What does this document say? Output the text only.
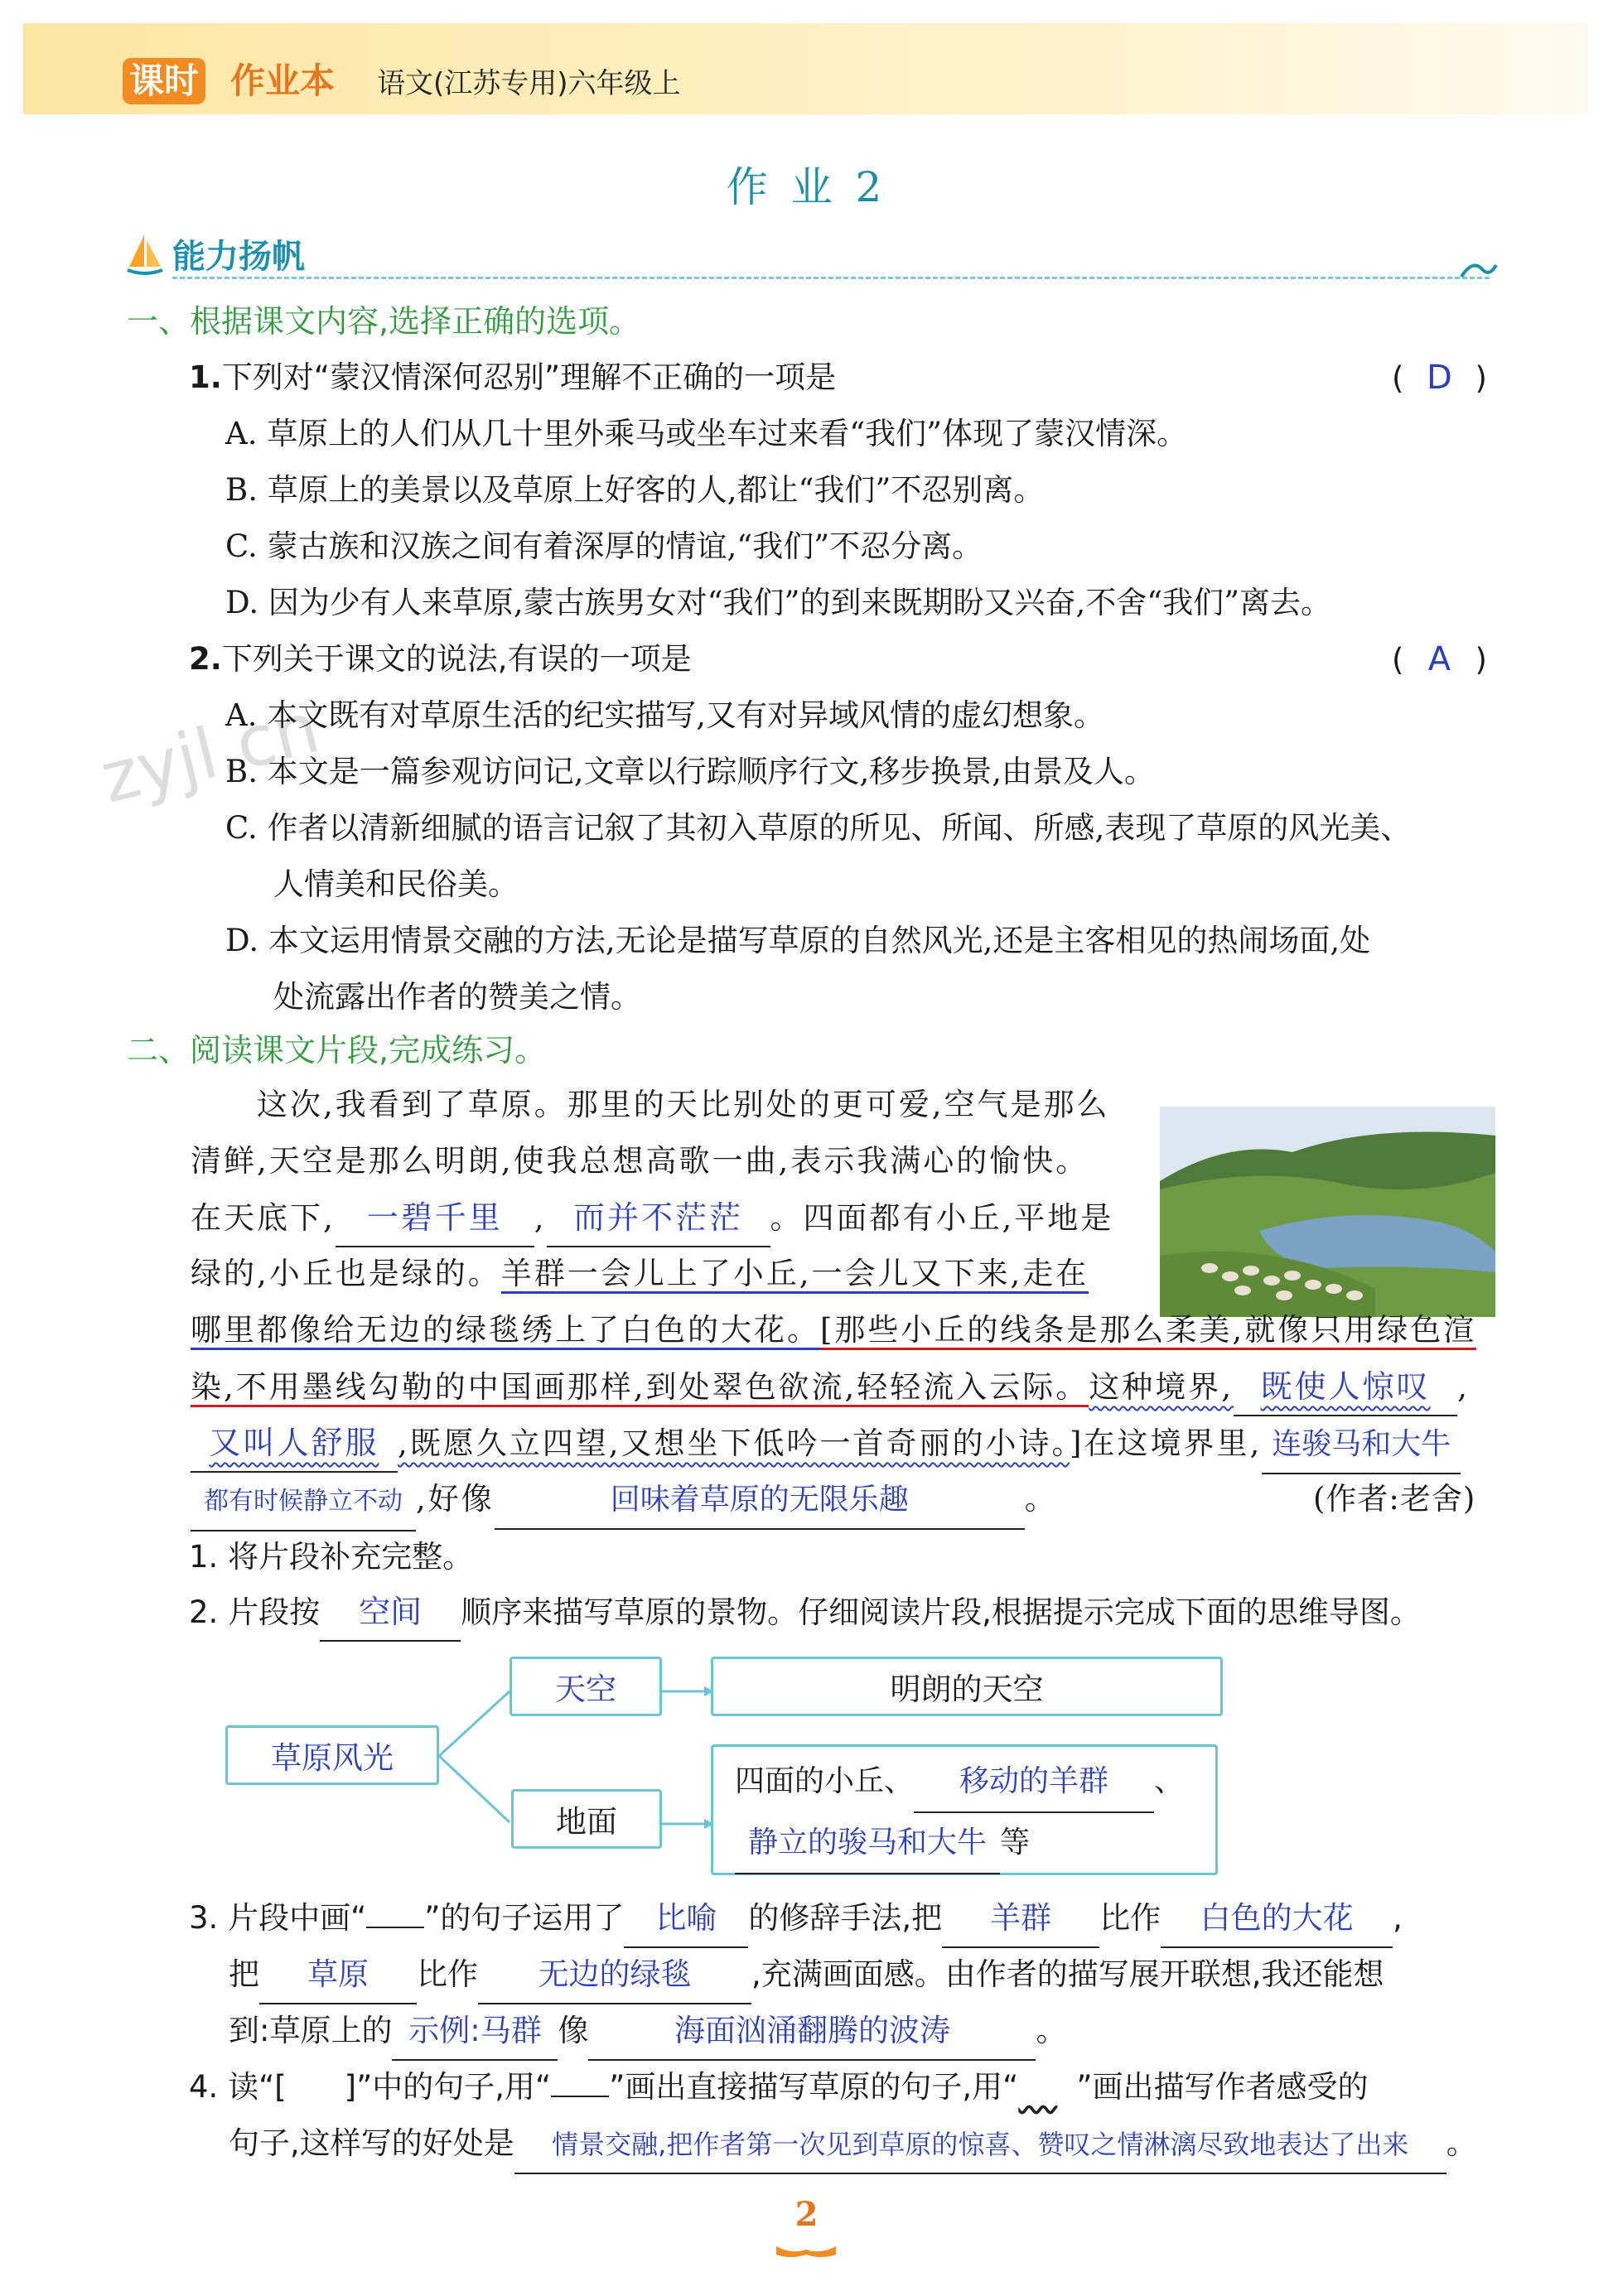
课时 作业本 语文(江苏专用)六年级上
作 业 2
能力扬帆
zyjl.cn
一、根据课文内容,选择正确的选项。
1.下列对“蒙汉情深何忍别”理解不正确的一项是	( D )
A. 草原上的人们从几十里外乘马或坐车过来看“我们”体现了蒙汉情深。
B. 草原上的美景以及草原上好客的人,都让“我们”不忍别离。
C. 蒙古族和汉族之间有着深厚的情谊,“我们”不忍分离。
D. 因为少有人来草原,蒙古族男女对“我们”的到来既期盼又兴奋,不舍“我们”离去。
2.下列关于课文的说法,有误的一项是	( A )
A. 本文既有对草原生活的纪实描写,又有对异域风情的虚幻想象。
B. 本文是一篇参观访问记,文章以行踪顺序行文,移步换景,由景及人。
C. 作者以清新细腻的语言记叙了其初入草原的所见、所闻、所感,表现了草原的风光美、
人情美和民俗美。
D. 本文运用情景交融的方法,无论是描写草原的自然风光,还是主客相见的热闹场面,处
处流露出作者的赞美之情。
二、阅读课文片段,完成练习。
这次,我看到了草原。那里的天比别处的更可爱,空气是那么
清鲜,天空是那么明朗,使我总想高歌一曲,表示我满心的愉快。
在天底下, 一碧千里 , 而并不茫茫 。四面都有小丘,平地是
绿的,小丘也是绿的。羊群一会儿上了小丘,一会儿又下来,走在
哪里都像给无边的绿毯绣上了白色的大花。[那些小丘的线条是那么柔美,就像只用绿色渲
染,不用墨线勾勒的中国画那样,到处翠色欲流,轻轻流入云际。这种境界, 既使人惊叹 ,
又叫人舒服 ,既愿久立四望,又想坐下低吟一首奇丽的小诗。]在这境界里, 连骏马和大牛
都有时候静立不动 ,好像	回味着草原的无限乐趣	。	(作者:老舍)
1. 将片段补充完整。
2. 片段按 空间 顺序来描写草原的景物。仔细阅读片段,根据提示完成下面的思维导图。
草原风光
天空	明朗的天空
地面
四面的小丘、 移动的羊群 、
静立的骏马和大牛 等
3. 片段中画“ ”的句子运用了 比喻 的修辞手法,把 羊群 比作 白色的大花 ,
把 草原 比作 无边的绿毯 ,充满画面感。由作者的描写展开联想,我还能想
到:草原上的 示例:马群 像	海面汹涌翻腾的波涛	。
4. 读“[ ]”中的句子,用“ ”画出直接描写草原的句子,用“ ”画出描写作者感受的
句子,这样写的好处是 情景交融,把作者第一次见到草原的惊喜、赞叹之情淋漓尽致地表达了出来 。
2
